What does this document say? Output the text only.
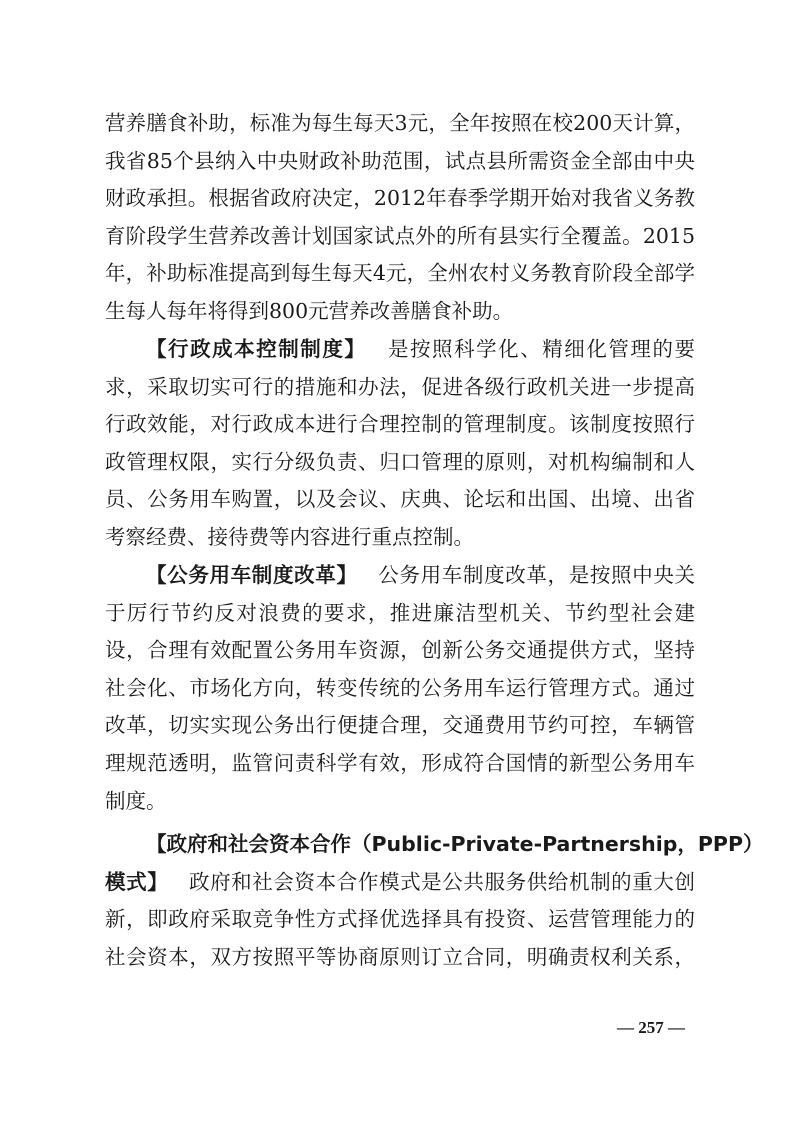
营养膳食补助，标准为每生每天3元，全年按照在校200天计算，
我省85个县纳入中央财政补助范围，试点县所需资金全部由中央
财政承担。根据省政府决定，2012年春季学期开始对我省义务教
育阶段学生营养改善计划国家试点外的所有县实行全覆盖。2015
年，补助标准提高到每生每天4元，全州农村义务教育阶段全部学
生每人每年将得到800元营养改善膳食补助。
【行政成本控制制度】 是按照科学化、精细化管理的要
求，采取切实可行的措施和办法，促进各级行政机关进一步提高
行政效能，对行政成本进行合理控制的管理制度。该制度按照行
政管理权限，实行分级负责、归口管理的原则，对机构编制和人
员、公务用车购置，以及会议、庆典、论坛和出国、出境、出省
考察经费、接待费等内容进行重点控制。
【公务用车制度改革】 公务用车制度改革，是按照中央关
于厉行节约反对浪费的要求，推进廉洁型机关、节约型社会建
设，合理有效配置公务用车资源，创新公务交通提供方式，坚持
社会化、市场化方向，转变传统的公务用车运行管理方式。通过
改革，切实实现公务出行便捷合理，交通费用节约可控，车辆管
理规范透明，监管问责科学有效，形成符合国情的新型公务用车
制度。
【政府和社会资本合作（Public-Private-Partnership，PPP）
模式】 政府和社会资本合作模式是公共服务供给机制的重大创
新，即政府采取竞争性方式择优选择具有投资、运营管理能力的
社会资本，双方按照平等协商原则订立合同，明确责权利关系，
— 257 —
